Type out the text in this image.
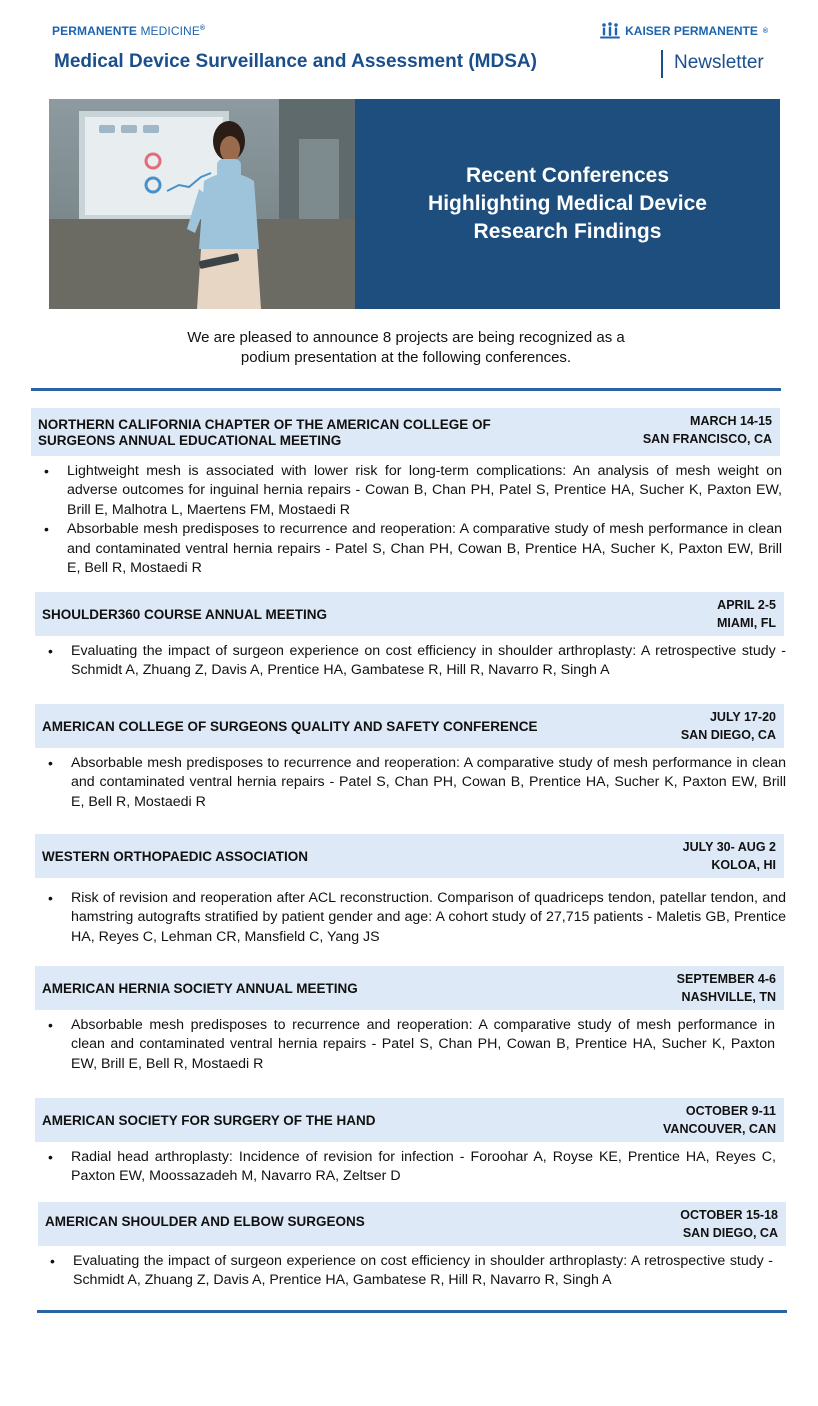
PERMANENTE MEDICINE®	KAISER PERMANENTE ®
Medical Device Surveillance and Assessment (MDSA)	Newsletter
Recent Conferences
Highlighting Medical Device
Research Findings
We are pleased to announce 8 projects are being recognized as a
podium presentation at the following conferences.
NORTHERN CALIFORNIA CHAPTER OF THE AMERICAN COLLEGE OF
SURGEONS ANNUAL EDUCATIONAL MEETING
MARCH 14-15
SAN FRANCISCO, CA
• Lightweight mesh is associated with lower risk for long-term complications: An analysis of mesh weight on adverse outcomes for inguinal hernia repairs - Cowan B, Chan PH, Patel S, Prentice HA, Sucher K, Paxton EW, Brill E, Malhotra L, Maertens FM, Mostaedi R
• Absorbable mesh predisposes to recurrence and reoperation: A comparative study of mesh performance in clean and contaminated ventral hernia repairs - Patel S, Chan PH, Cowan B, Prentice HA, Sucher K, Paxton EW, Brill E, Bell R, Mostaedi R
SHOULDER360 COURSE ANNUAL MEETING
APRIL 2-5
MIAMI, FL
• Evaluating the impact of surgeon experience on cost efficiency in shoulder arthroplasty: A retrospective study - Schmidt A, Zhuang Z, Davis A, Prentice HA, Gambatese R, Hill R, Navarro R, Singh A
AMERICAN COLLEGE OF SURGEONS QUALITY AND SAFETY CONFERENCE
JULY 17-20
SAN DIEGO, CA
• Absorbable mesh predisposes to recurrence and reoperation: A comparative study of mesh performance in clean and contaminated ventral hernia repairs - Patel S, Chan PH, Cowan B, Prentice HA, Sucher K, Paxton EW, Brill E, Bell R, Mostaedi R
WESTERN ORTHOPAEDIC ASSOCIATION
JULY 30- AUG 2
KOLOA, HI
• Risk of revision and reoperation after ACL reconstruction. Comparison of quadriceps tendon, patellar tendon, and hamstring autografts stratified by patient gender and age: A cohort study of 27,715 patients - Maletis GB, Prentice HA, Reyes C, Lehman CR, Mansfield C, Yang JS
AMERICAN HERNIA SOCIETY ANNUAL MEETING
SEPTEMBER 4-6
NASHVILLE, TN
• Absorbable mesh predisposes to recurrence and reoperation: A comparative study of mesh performance in clean and contaminated ventral hernia repairs - Patel S, Chan PH, Cowan B, Prentice HA, Sucher K, Paxton EW, Brill E, Bell R, Mostaedi R
AMERICAN SOCIETY FOR SURGERY OF THE HAND
OCTOBER 9-11
VANCOUVER, CAN
• Radial head arthroplasty: Incidence of revision for infection - Foroohar A, Royse KE, Prentice HA, Reyes C, Paxton EW, Moossazadeh M, Navarro RA, Zeltser D
AMERICAN SHOULDER AND ELBOW SURGEONS	OCTOBER 15-18
SAN DIEGO, CA
• Evaluating the impact of surgeon experience on cost efficiency in shoulder arthroplasty: A retrospective study - Schmidt A, Zhuang Z, Davis A, Prentice HA, Gambatese R, Hill R, Navarro R, Singh A
